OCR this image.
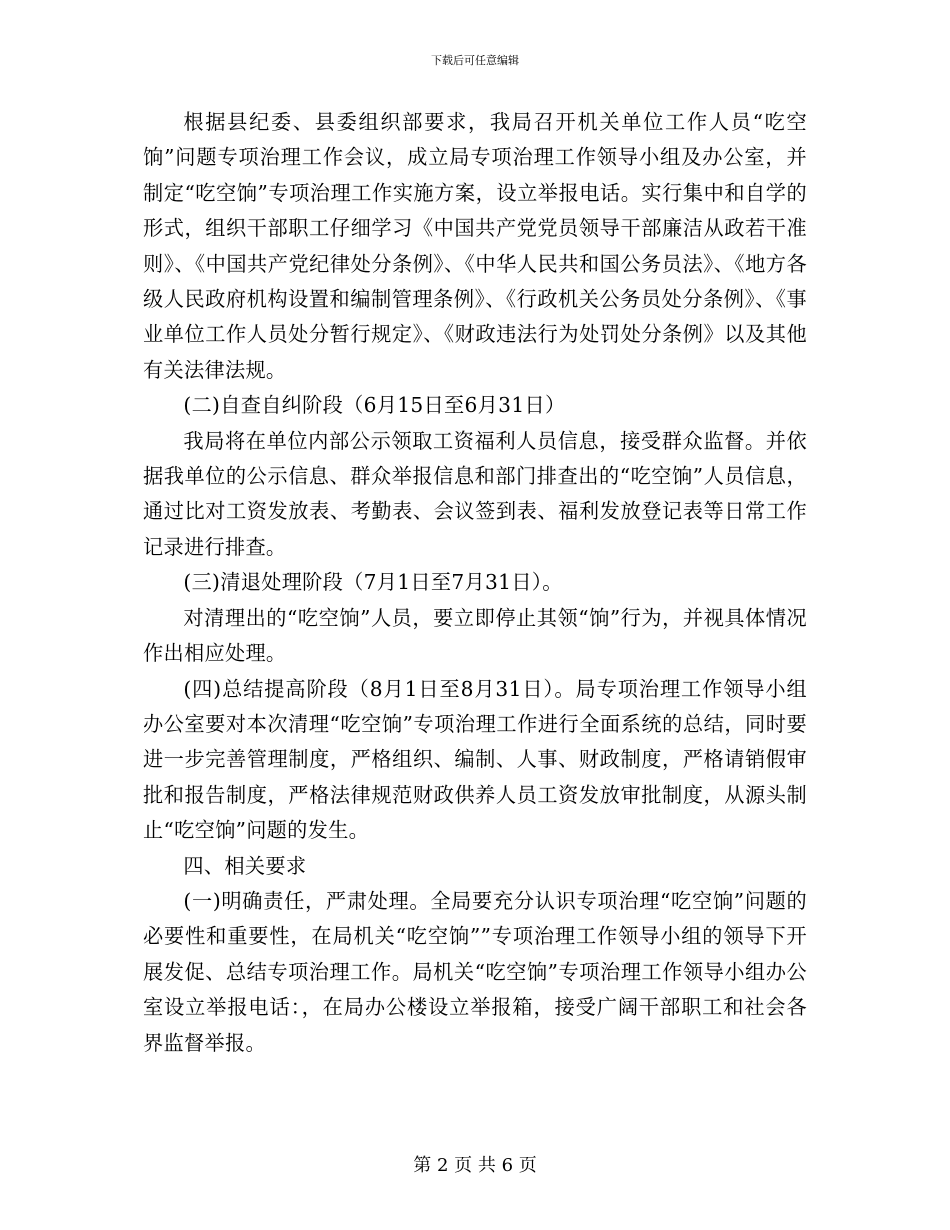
下载后可任意编辑

根据县纪委、县委组织部要求，我局召开机关单位工作人员“吃空饷”问题专项治理工作会议，成立局专项治理工作领导小组及办公室，并制定“吃空饷”专项治理工作实施方案，设立举报电话。实行集中和自学的形式，组织干部职工仔细学习《中国共产党党员领导干部廉洁从政若干准则》、《中国共产党纪律处分条例》、《中华人民共和国公务员法》、《地方各级人民政府机构设置和编制管理条例》、《行政机关公务员处分条例》、《事业单位工作人员处分暂行规定》、《财政违法行为处罚处分条例》以及其他有关法律法规。

(二)自查自纠阶段（6月15日至6月31日）

我局将在单位内部公示领取工资福利人员信息，接受群众监督。并依据我单位的公示信息、群众举报信息和部门排查出的“吃空饷”人员信息，通过比对工资发放表、考勤表、会议签到表、福利发放登记表等日常工作记录进行排查。

(三)清退处理阶段（7月1日至7月31日）。

对清理出的“吃空饷”人员，要立即停止其领“饷”行为，并视具体情况作出相应处理。

(四)总结提高阶段（8月1日至8月31日）。局专项治理工作领导小组办公室要对本次清理“吃空饷”专项治理工作进行全面系统的总结，同时要进一步完善管理制度，严格组织、编制、人事、财政制度，严格请销假审批和报告制度，严格法律规范财政供养人员工资发放审批制度，从源头制止“吃空饷”问题的发生。

四、相关要求

(一)明确责任，严肃处理。全局要充分认识专项治理“吃空饷”问题的必要性和重要性，在局机关“吃空饷””专项治理工作领导小组的领导下开展发促、总结专项治理工作。局机关“吃空饷”专项治理工作领导小组办公室设立举报电话：，在局办公楼设立举报箱，接受广阔干部职工和社会各界监督举报。

第 2 页 共 6 页
